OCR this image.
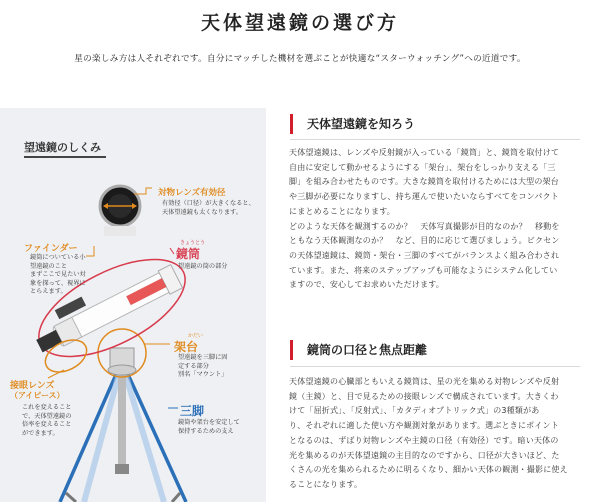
天体望遠鏡の選び方
星の楽しみ方は人それぞれです。自分にマッチした機材を選ぶことが快適な“スターウォッチング”への近道です。
望遠鏡のしくみ
対物レンズ有効径
有効径（口径）が大きくなると、
天体望遠鏡も太くなります。
ファインダー
鏡筒についている小
望遠鏡のこと
まずここで見たい対
象を探って、視界に
とらえます。
きょうとう
鏡筒
望遠鏡の筒の部分
かだい
架台
望遠鏡を三脚に固
定する部分
別名「マウント」
接眼レンズ
（アイピース）
これを変えること
で、天体望遠鏡の
倍率を変えること
ができます。
三脚
鏡筒や架台を安定して
保持するための支え
天体望遠鏡を知ろう
天体望遠鏡は、レンズや反射鏡が入っている「鏡筒」と、鏡筒を取付けて
自由に安定して動かせるようにする「架台」、架台をしっかり支える「三
脚」を組み合わせたものです。大きな鏡筒を取付けるためには大型の架台
や三脚が必要になりますし、持ち運んで使いたいならすべてをコンパクト
にまとめることになります。
どのような天体を観測するのか？　天体写真撮影が目的なのか？　移動を
ともなう天体観測なのか？　など、目的に応じて選びましょう。ビクセン
の天体望遠鏡は、鏡筒・架台・三脚のすべてがバランスよく組み合わされ
ています。また、将来のステップアップも可能なようにシステム化してい
ますので、安心してお求めいただけます。
鏡筒の口径と焦点距離
天体望遠鏡の心臓部ともいえる鏡筒は、星の光を集める対物レンズや反射
鏡（主鏡）と、目で見るための接眼レンズで構成されています。大きくわ
けて「屈折式」、「反射式」、「カタディオプトリック式」の3種類があ
り、それぞれに適した使い方や観測対象があります。選ぶときにポイント
となるのは、ずばり対物レンズや主鏡の口径（有効径）です。暗い天体の
光を集めるのが天体望遠鏡の主目的なのですから、口径が大きいほど、た
くさんの光を集められるために明るくなり、細かい天体の観測・撮影に使え
ることになります。
